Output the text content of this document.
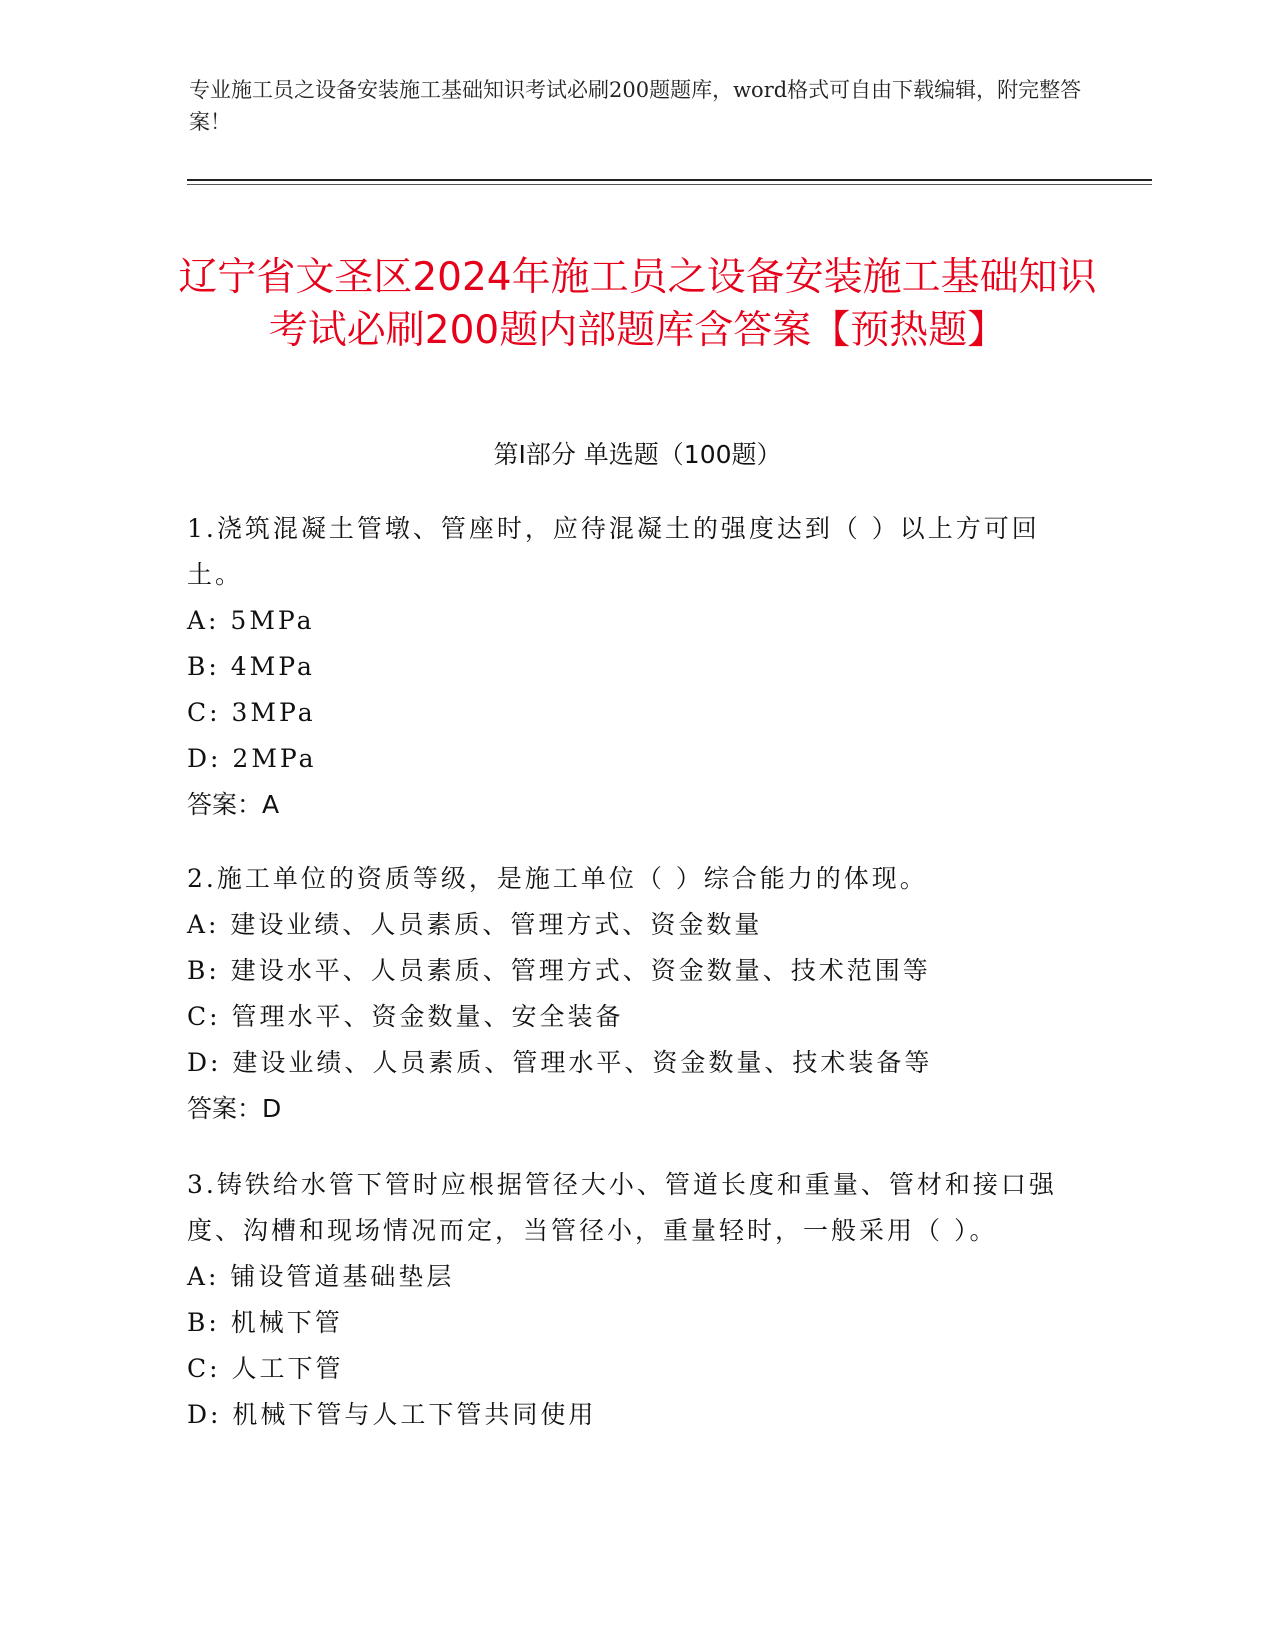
专业施工员之设备安装施工基础知识考试必刷200题题库，word格式可自由下载编辑，附完整答案！
辽宁省文圣区2024年施工员之设备安装施工基础知识考试必刷200题内部题库含答案【预热题】
第Ⅰ部分 单选题（100题）

1.浇筑混凝土管墩、管座时，应待混凝土的强度达到（ ）以上方可回土。

A: 5MPa

B: 4MPa

C: 3MPa

D: 2MPa

答案：A

2.施工单位的资质等级，是施工单位（ ）综合能力的体现。

A: 建设业绩、人员素质、管理方式、资金数量

B: 建设水平、人员素质、管理方式、资金数量、技术范围等

C: 管理水平、资金数量、安全装备

D: 建设业绩、人员素质、管理水平、资金数量、技术装备等

答案：D

3.铸铁给水管下管时应根据管径大小、管道长度和重量、管材和接口强度、沟槽和现场情况而定，当管径小，重量轻时，一般采用（ ）。

A: 铺设管道基础垫层

B: 机械下管

C: 人工下管

D: 机械下管与人工下管共同使用
